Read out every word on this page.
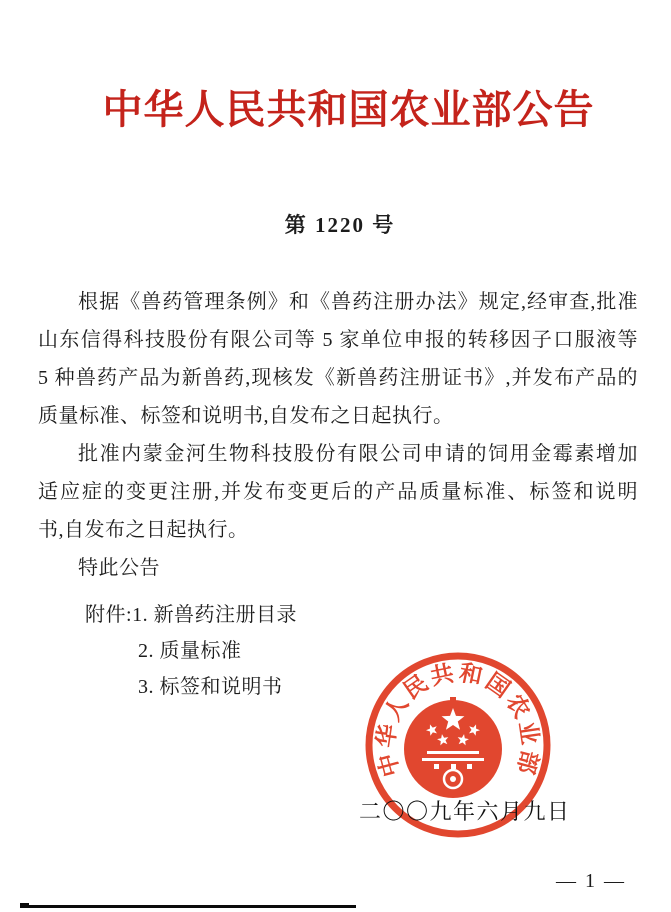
中华人民共和国农业部公告
第 1220 号
根据《兽药管理条例》和《兽药注册办法》规定,经审查,批准
山东信得科技股份有限公司等 5 家单位申报的转移因子口服液等
5 种兽药产品为新兽药,现核发《新兽药注册证书》,并发布产品的
质量标准、标签和说明书,自发布之日起执行。
批准内蒙金河生物科技股份有限公司申请的饲用金霉素增加
适应症的变更注册,并发布变更后的产品质量标准、标签和说明
书,自发布之日起执行。
特此公告
附件:1. 新兽药注册目录
2. 质量标准
3. 标签和说明书
中华人民共和国农业部
二〇〇九年六月九日
— 1 —
